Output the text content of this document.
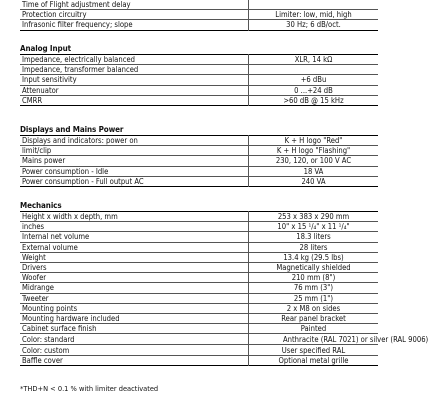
Time of Flight adjustment delay	
Protection circuitry	Limiter: low, mid, high
Infrasonic filter frequency; slope	30 Hz; 6 dB/oct.
Analog Input
Impedance, electrically balanced	XLR, 14 kΩ
Impedance, transformer balanced	
Input sensitivity	+6 dBu
Attenuator	0 ...+24 dB
CMRR	>60 dB @ 15 kHz
Displays and Mains Power
Displays and indicators: power on	K + H logo "Red"
limit/clip	K + H logo "Flashing"
Mains power	230, 120, or 100 V AC
Power consumption - Idle	18 VA
Power consumption - Full output AC	240 VA
Mechanics
Height x width x depth, mm	253 x 383 x 290 mm
inches	10" x 15 ¹/₄" x 11 ¹/₄"
Internal net volume	18.3 liters
External volume	28 liters
Weight	13.4 kg (29.5 lbs)
Drivers	Magnetically shielded
Woofer	210 mm (8")
Midrange	76 mm (3")
Tweeter	25 mm (1")
Mounting points	2 x M8 on sides
Mounting hardware included	Rear panel bracket
Cabinet surface finish	Painted
Color: standard	Anthracite (RAL 7021) or silver (RAL 9006)
Color: custom	User specified RAL
Baffle cover	Optional metal grille
*THD+N < 0.1 % with limiter deactivated
